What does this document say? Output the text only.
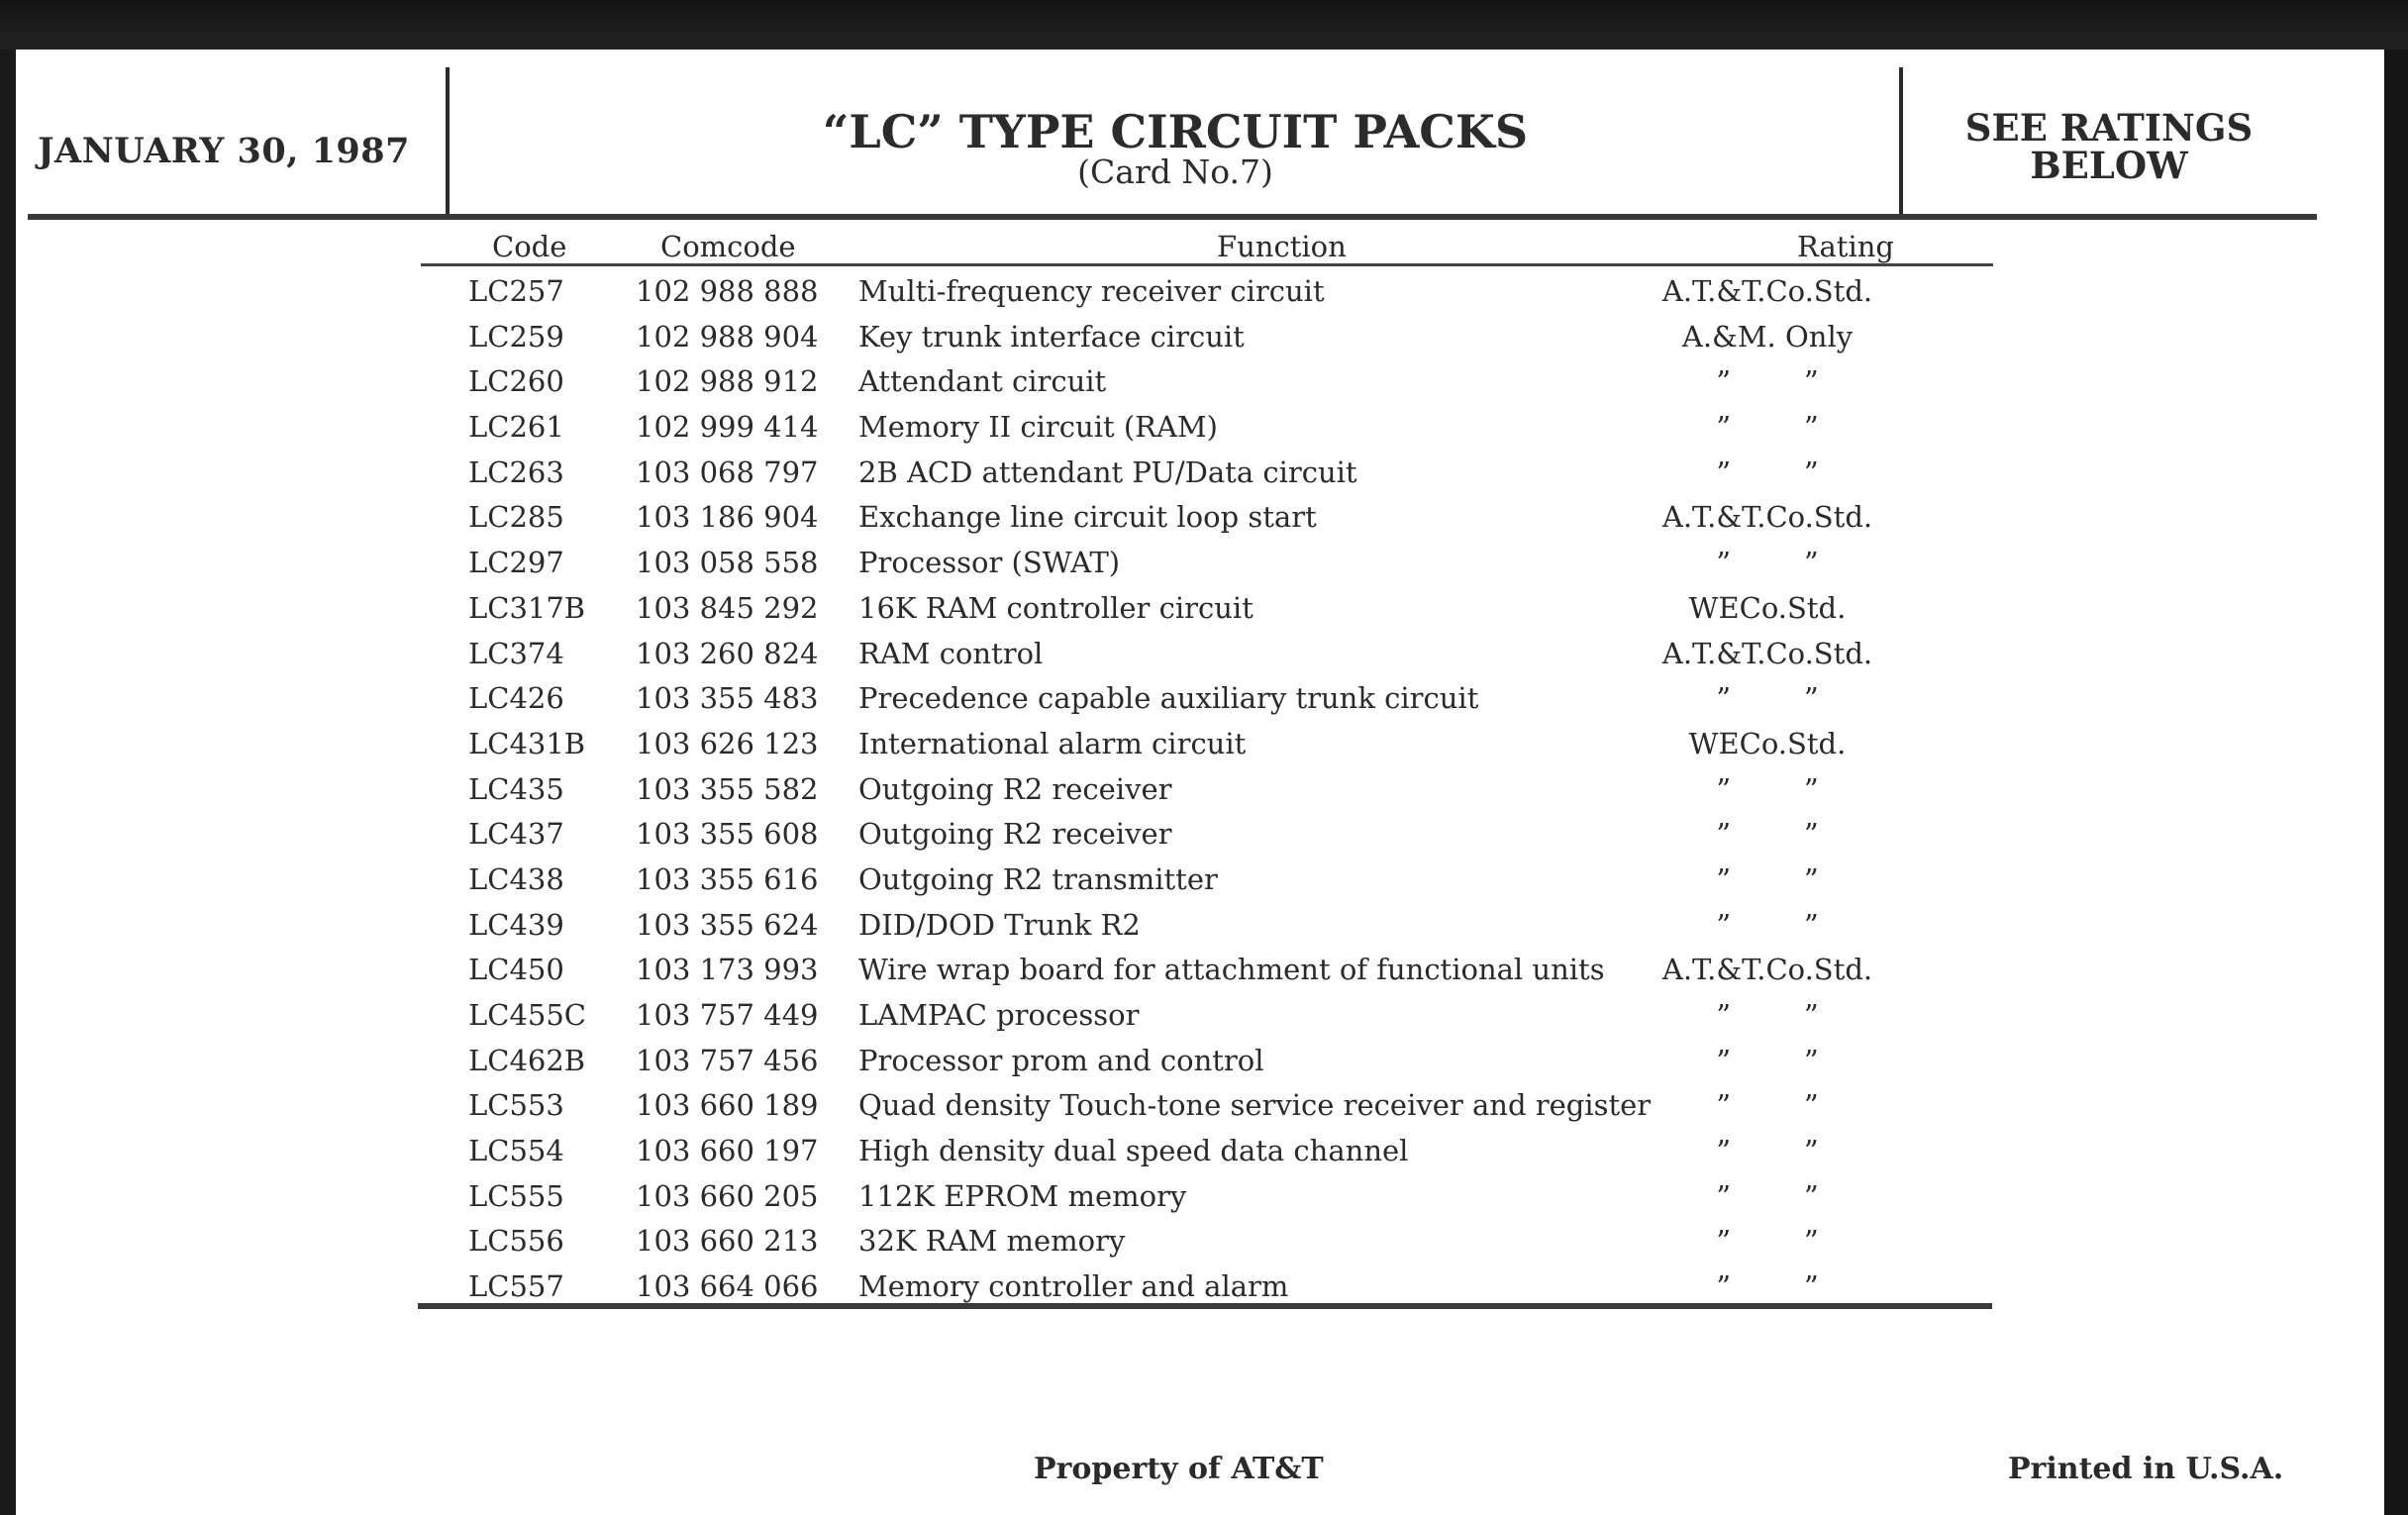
JANUARY 30, 1987	“LC” TYPE CIRCUIT PACKS
(Card No.7)
SEE RATINGS
BELOW
Code	Comcode	Function	Rating
LC257 102 988 888 Multi-frequency receiver circuit	A.T.&T.Co.Std.
LC259 102 988 904 Key trunk interface circuit	A.&M. Only
LC260 102 988 912 Attendant circuit	”        ”
LC261 102 999 414 Memory II circuit (RAM)	”        ”
LC263 103 068 797 2B ACD attendant PU/Data circuit	”        ”
LC285 103 186 904 Exchange line circuit loop start	A.T.&T.Co.Std.
LC297 103 058 558 Processor (SWAT)	”        ”
LC317B 103 845 292 16K RAM controller circuit	WECo.Std.
LC374 103 260 824 RAM control	A.T.&T.Co.Std.
LC426 103 355 483 Precedence capable auxiliary trunk circuit	”        ”
LC431B 103 626 123 International alarm circuit	WECo.Std.
LC435 103 355 582 Outgoing R2 receiver	”        ”
LC437 103 355 608 Outgoing R2 receiver	”        ”
LC438 103 355 616 Outgoing R2 transmitter	”        ”
LC439 103 355 624 DID/DOD Trunk R2	”        ”
LC450 103 173 993 Wire wrap board for attachment of functional units	A.T.&T.Co.Std.
LC455C 103 757 449 LAMPAC processor	”        ”
LC462B 103 757 456 Processor prom and control	”        ”
LC553 103 660 189 Quad density Touch-tone service receiver and register	”        ”
LC554 103 660 197 High density dual speed data channel	”        ”
LC555 103 660 205 112K EPROM memory	”        ”
LC556 103 660 213 32K RAM memory	”        ”
LC557 103 664 066 Memory controller and alarm	”        ”
Property of AT&T	Printed in U.S.A.
